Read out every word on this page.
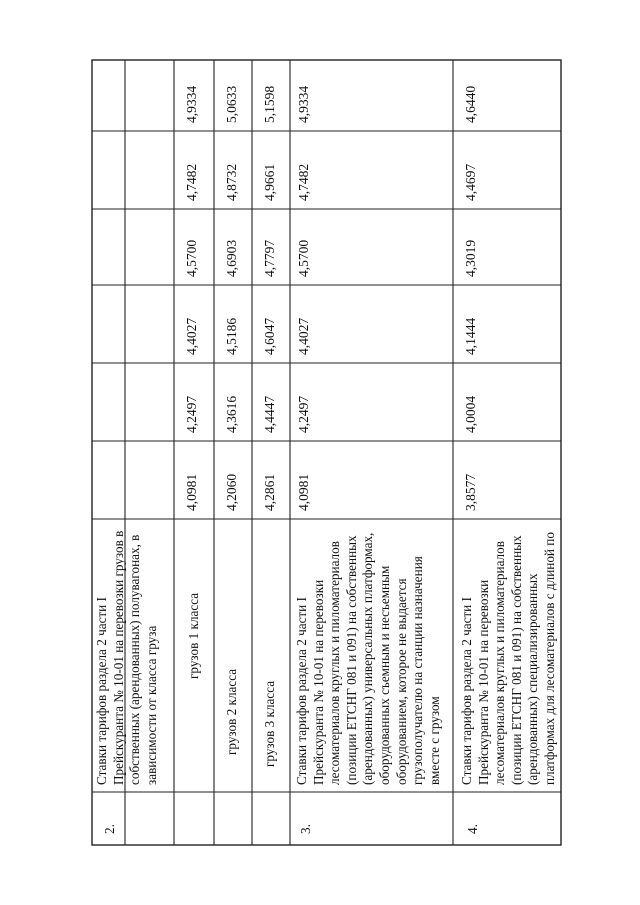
2.
Ставки тарифов раздела 2 части I Прейскуранта № 10-01 на перевозки грузов в собственных (арендованных) полувагонах, в зависимости от класса груза грузов 1 класса
грузов 2 класса грузов 3 класса
3.
Ставки тарифов раздела 2 части I Прейскуранта № 10-01 на перевозки лесоматериалов круглых и пиломатериалов (позиции ЕТСНГ 081 и 091) на собственных (арендованных) универсальных платформах, оборудованных съемным и несъемным оборудованием, которое не выдается грузополучателю на станции назначения вместе с грузом
4.
Ставки тарифов раздела 2 части I Прейскуранта № 10-01 на перевозки лесоматериалов круглых и пиломатериалов (позиции ЕТСНГ 081 и 091) на собственных (арендованных) специализированных платформах для лесоматериалов с длиной по
4,0981
4,2497
4,4027
4,5700
4,7482
4,9334
4,2060
4,3616
4,5186
4,6903
4,8732
5,0633
4,2861
4,4447
4,6047
4,7797
4,9661
5,1598
4,0981
4,2497
4,4027
4,5700
4,7482
4,9334
3,8577
4,0004
4,1444
4,3019
4,4697
4,6440
